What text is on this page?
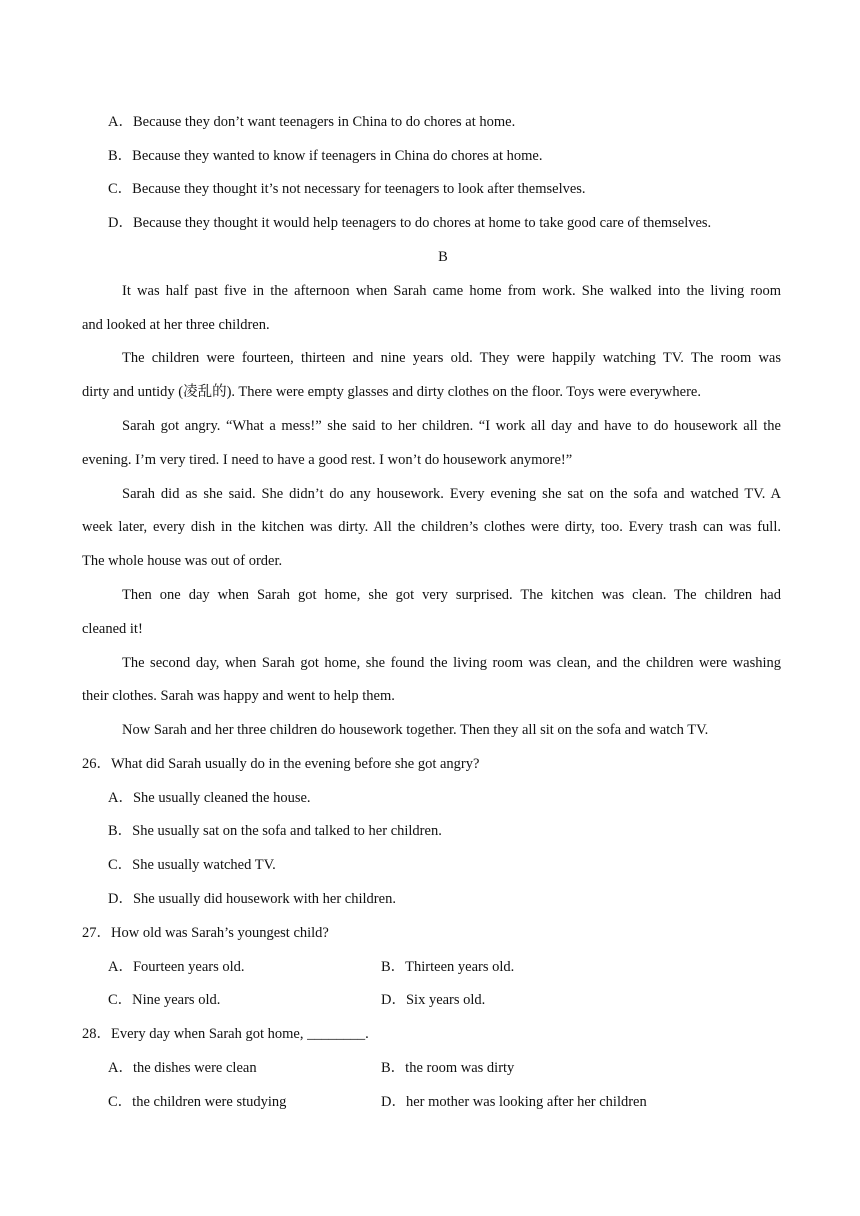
A．Because they don’t want teenagers in China to do chores at home.
B．Because they wanted to know if teenagers in China do chores at home.
C．Because they thought it’s not necessary for teenagers to look after themselves.
D．Because they thought it would help teenagers to do chores at home to take good care of themselves.
B
It was half past five in the afternoon when Sarah came home from work. She walked into the living room
and looked at her three children.
The children were fourteen, thirteen and nine years old. They were happily watching TV. The room was
dirty and untidy (凌乱的). There were empty glasses and dirty clothes on the floor. Toys were everywhere.
Sarah got angry. “What a mess!” she said to her children. “I work all day and have to do housework all the
evening. I’m very tired. I need to have a good rest. I won’t do housework anymore!”
Sarah did as she said. She didn’t do any housework. Every evening she sat on the sofa and watched TV. A
week later, every dish in the kitchen was dirty. All the children’s clothes were dirty, too. Every trash can was full.
The whole house was out of order.
Then one day when Sarah got home, she got very surprised. The kitchen was clean. The children had
cleaned it!
The second day, when Sarah got home, she found the living room was clean, and the children were washing
their clothes. Sarah was happy and went to help them.
Now Sarah and her three children do housework together. Then they all sit on the sofa and watch TV.
26．What did Sarah usually do in the evening before she got angry?
A．She usually cleaned the house.
B．She usually sat on the sofa and talked to her children.
C．She usually watched TV.
D．She usually did housework with her children.
27．How old was Sarah’s youngest child?
A．Fourteen years old.	B．Thirteen years old.
C．Nine years old.	D．Six years old.
28．Every day when Sarah got home, ________.
A．the dishes were clean	B．the room was dirty
C．the children were studying	D．her mother was looking after her children
